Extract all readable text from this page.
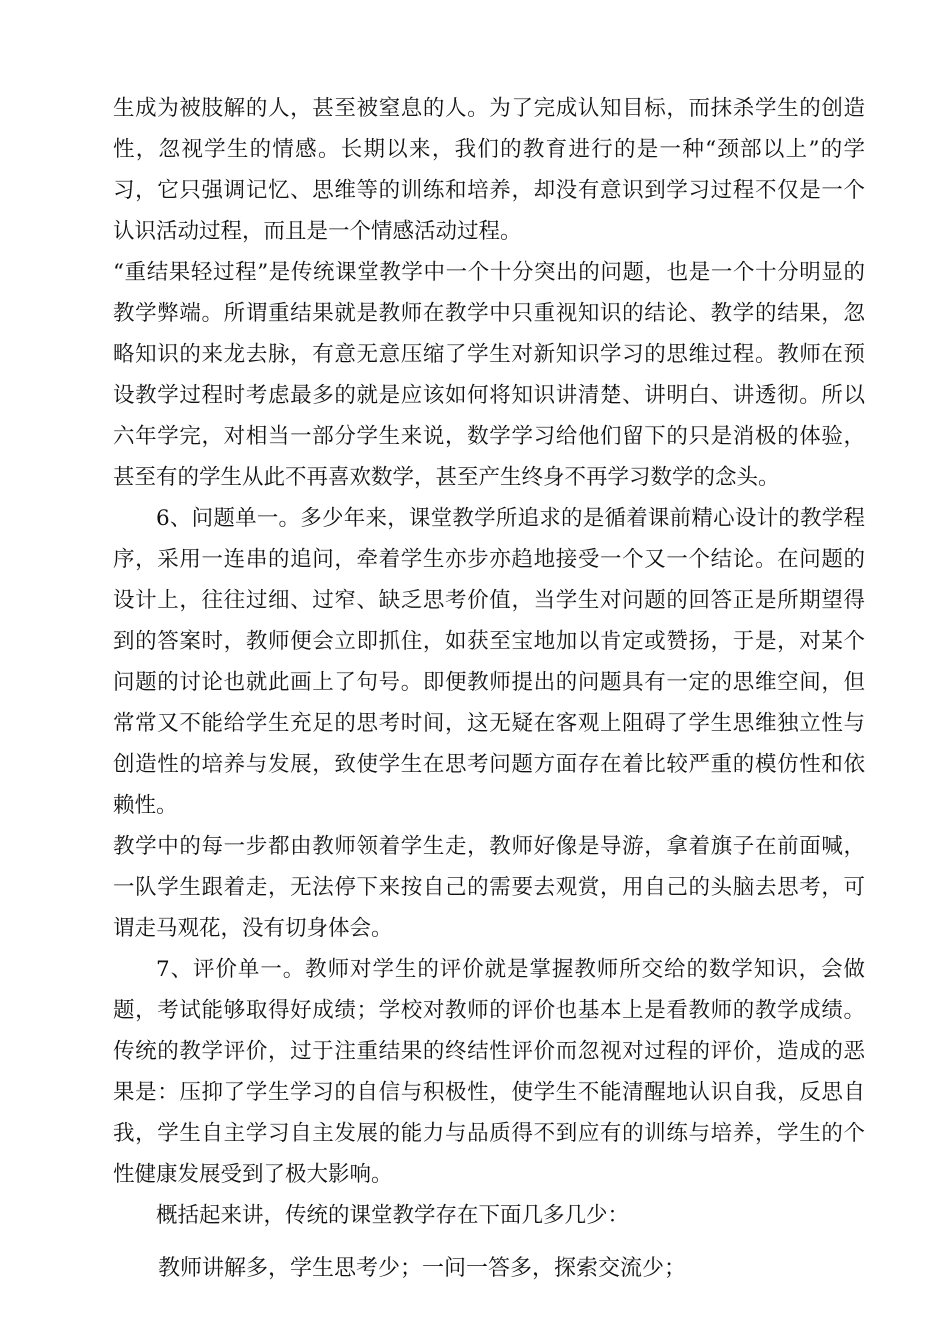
生成为被肢解的人，甚至被窒息的人。为了完成认知目标，而抹杀学生的创造性，忽视学生的情感。长期以来，我们的教育进行的是一种“颈部以上”的学习，它只强调记忆、思维等的训练和培养，却没有意识到学习过程不仅是一个认识活动过程，而且是一个情感活动过程。

“重结果轻过程”是传统课堂教学中一个十分突出的问题，也是一个十分明显的教学弊端。所谓重结果就是教师在教学中只重视知识的结论、教学的结果，忽略知识的来龙去脉，有意无意压缩了学生对新知识学习的思维过程。教师在预设教学过程时考虑最多的就是应该如何将知识讲清楚、讲明白、讲透彻。所以六年学完，对相当一部分学生来说，数学学习给他们留下的只是消极的体验，甚至有的学生从此不再喜欢数学，甚至产生终身不再学习数学的念头。

6、问题单一。多少年来，课堂教学所追求的是循着课前精心设计的教学程序，采用一连串的追问，牵着学生亦步亦趋地接受一个又一个结论。在问题的设计上，往往过细、过窄、缺乏思考价值，当学生对问题的回答正是所期望得到的答案时，教师便会立即抓住，如获至宝地加以肯定或赞扬，于是，对某个问题的讨论也就此画上了句号。即便教师提出的问题具有一定的思维空间，但常常又不能给学生充足的思考时间，这无疑在客观上阻碍了学生思维独立性与创造性的培养与发展，致使学生在思考问题方面存在着比较严重的模仿性和依赖性。

教学中的每一步都由教师领着学生走，教师好像是导游，拿着旗子在前面喊，一队学生跟着走，无法停下来按自己的需要去观赏，用自己的头脑去思考，可谓走马观花，没有切身体会。

7、评价单一。教师对学生的评价就是掌握教师所交给的数学知识，会做题，考试能够取得好成绩；学校对教师的评价也基本上是看教师的教学成绩。传统的教学评价，过于注重结果的终结性评价而忽视对过程的评价，造成的恶果是：压抑了学生学习的自信与积极性，使学生不能清醒地认识自我，反思自我，学生自主学习自主发展的能力与品质得不到应有的训练与培养，学生的个性健康发展受到了极大影响。

概括起来讲，传统的课堂教学存在下面几多几少：

教师讲解多，学生思考少；一问一答多，探索交流少；
